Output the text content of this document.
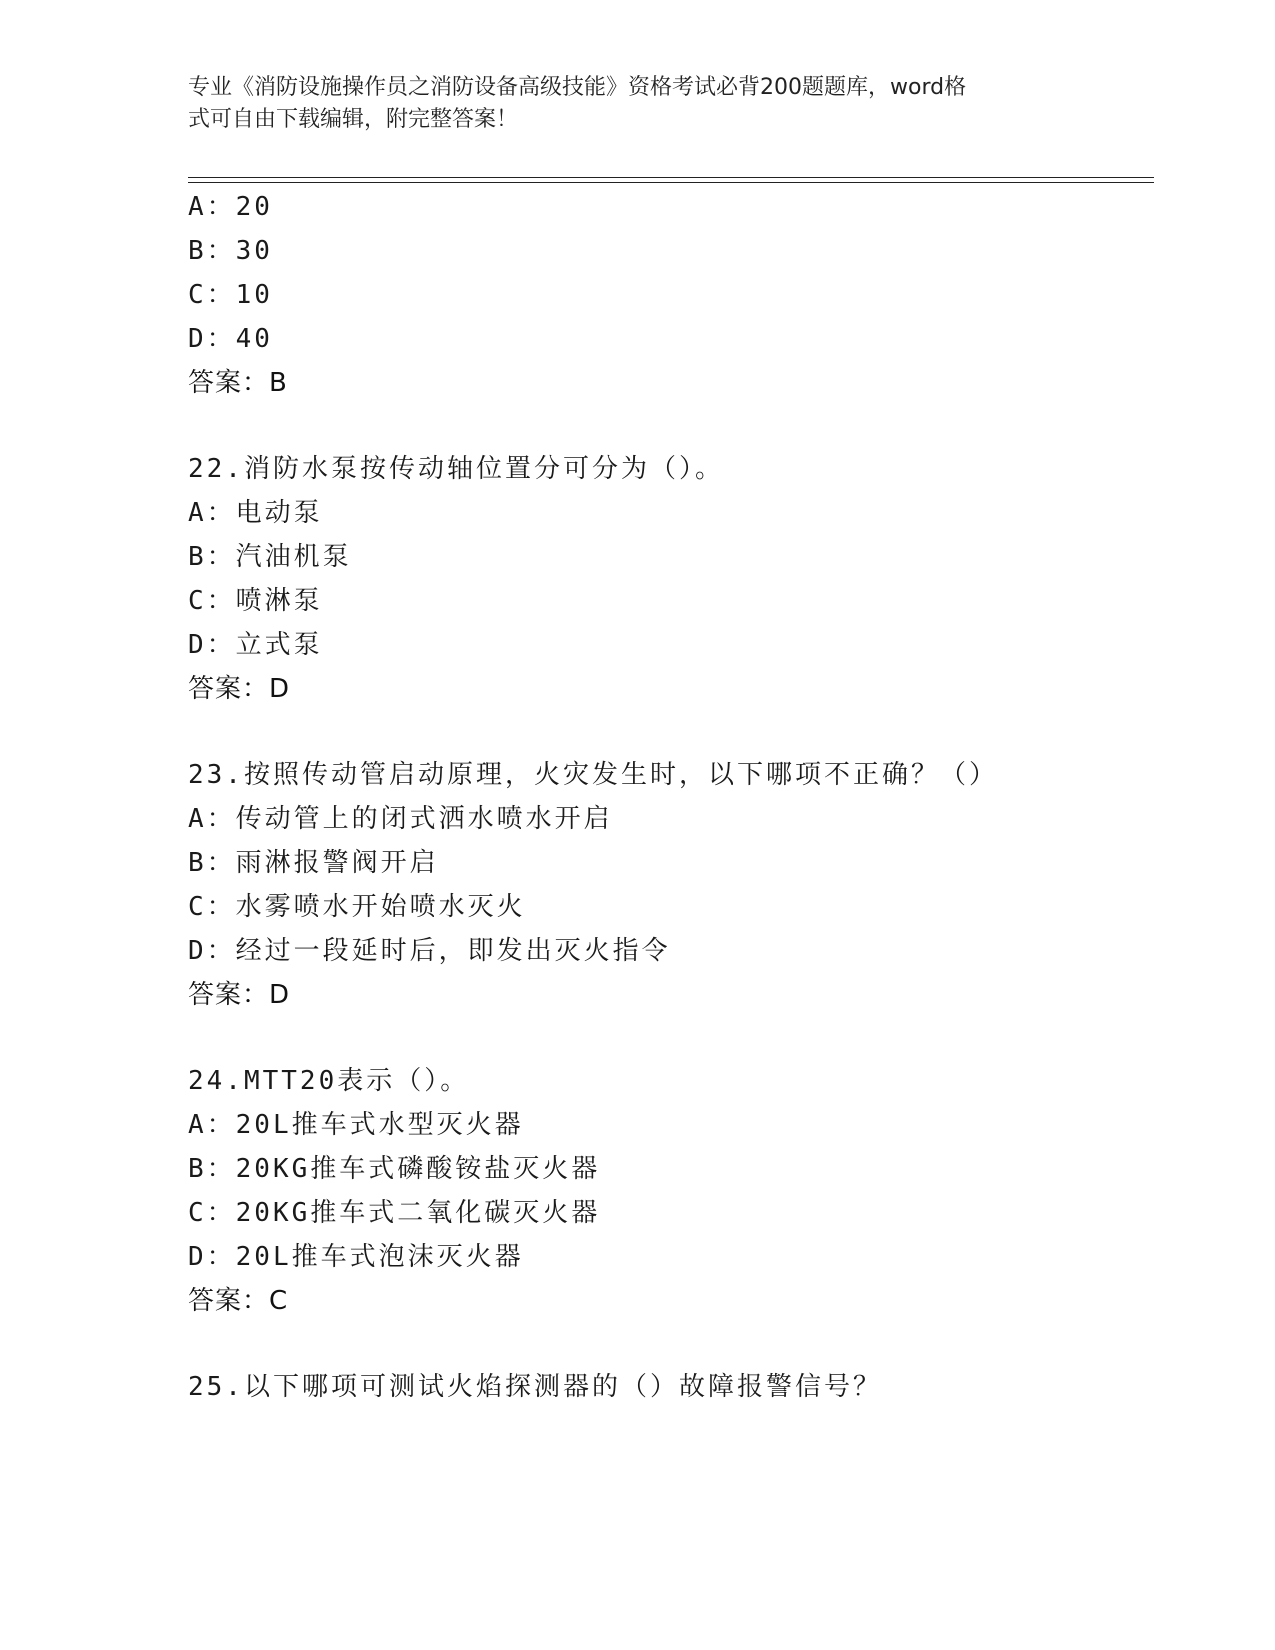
专业《消防设施操作员之消防设备高级技能》资格考试必背200题题库，word格
式可自由下载编辑，附完整答案！
A：20
B：30
C：10
D：40
答案：B
22.消防水泵按传动轴位置分可分为（）。
A：电动泵
B：汽油机泵
C：喷淋泵
D：立式泵
答案：D
23.按照传动管启动原理，火灾发生时，以下哪项不正确？（）
A：传动管上的闭式洒水喷水开启
B：雨淋报警阀开启
C：水雾喷水开始喷水灭火
D：经过一段延时后，即发出灭火指令
答案：D
24.MTT20表示（）。
A：20L推车式水型灭火器
B：20KG推车式磷酸铵盐灭火器
C：20KG推车式二氧化碳灭火器
D：20L推车式泡沫灭火器
答案：C
25.以下哪项可测试火焰探测器的（）故障报警信号？
